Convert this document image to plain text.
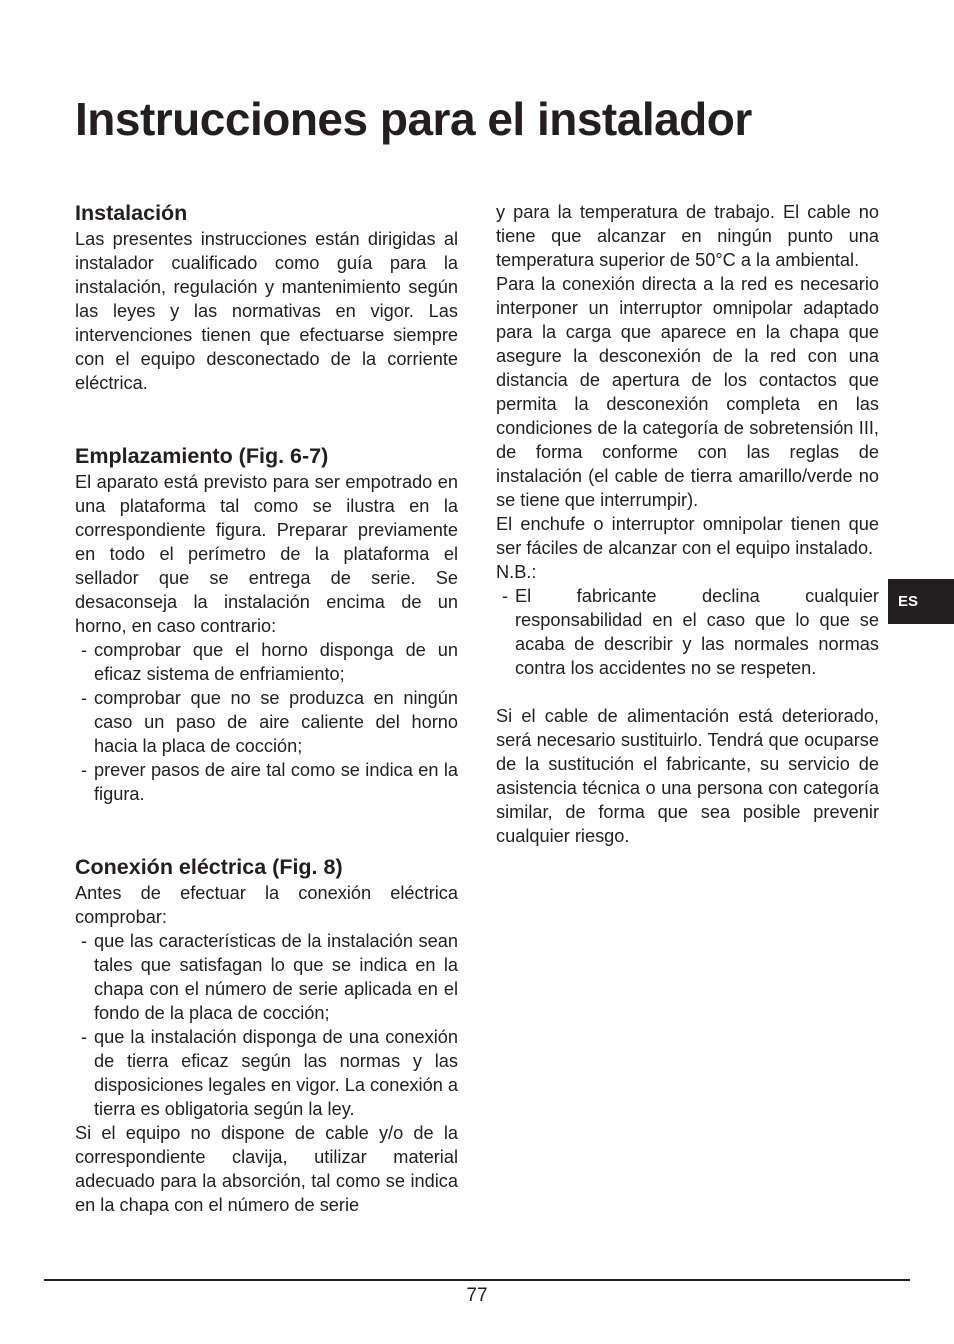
Instrucciones para el instalador
Instalación

Las presentes instrucciones están dirigidas al instalador cualificado como guía para la instalación, regulación y mantenimiento según las leyes y las normativas en vigor. Las intervenciones tienen que efectuarse siempre con el equipo desconectado de la corriente eléctrica.

Emplazamiento (Fig. 6-7)

El aparato está previsto para ser empotrado en una plataforma tal como se ilustra en la correspondiente figura. Preparar previamente en todo el perímetro de la plataforma el sellador que se entrega de serie. Se desaconseja la instalación encima de un horno, en caso contrario:

- comprobar que el horno disponga de un eficaz sistema de enfriamiento;
- comprobar que no se produzca en ningún caso un paso de aire caliente del horno hacia la placa de cocción;
- prever pasos de aire tal como se indica en la figura.
Conexión eléctrica (Fig. 8)

Antes de efectuar la conexión eléctrica comprobar:

- que las características de la instalación sean tales que satisfagan lo que se indica en la chapa con el número de serie aplicada en el fondo de la placa de cocción;
- que la instalación disponga de una conexión de tierra eficaz según las normas y las disposiciones legales en vigor. La conexión a tierra es obligatoria según la ley.

Si el equipo no dispone de cable y/o de la correspondiente clavija, utilizar material adecuado para la absorción, tal como se indica en la chapa con el número de serie

y para la temperatura de trabajo. El cable no tiene que alcanzar en ningún punto una temperatura superior de 50°C a la ambiental.

Para la conexión directa a la red es necesario interponer un interruptor omnipolar adaptado para la carga que aparece en la chapa que asegure la desconexión de la red con una distancia de apertura de los contactos que permita la desconexión completa en las condiciones de la categoría de sobretensión III, de forma conforme con las reglas de instalación (el cable de tierra amarillo/verde no se tiene que interrumpir).

El enchufe o interruptor omnipolar tienen que ser fáciles de alcanzar con el equipo instalado.

N.B.:

- El fabricante declina cualquier responsabilidad en el caso que lo que se acaba de describir y las normales normas contra los accidentes no se respeten.

Si el cable de alimentación está deteriorado, será necesario sustituirlo. Tendrá que ocuparse de la sustitución el fabricante, su servicio de asistencia técnica o una persona con categoría similar, de forma que sea posible prevenir cualquier riesgo.

ES
77
